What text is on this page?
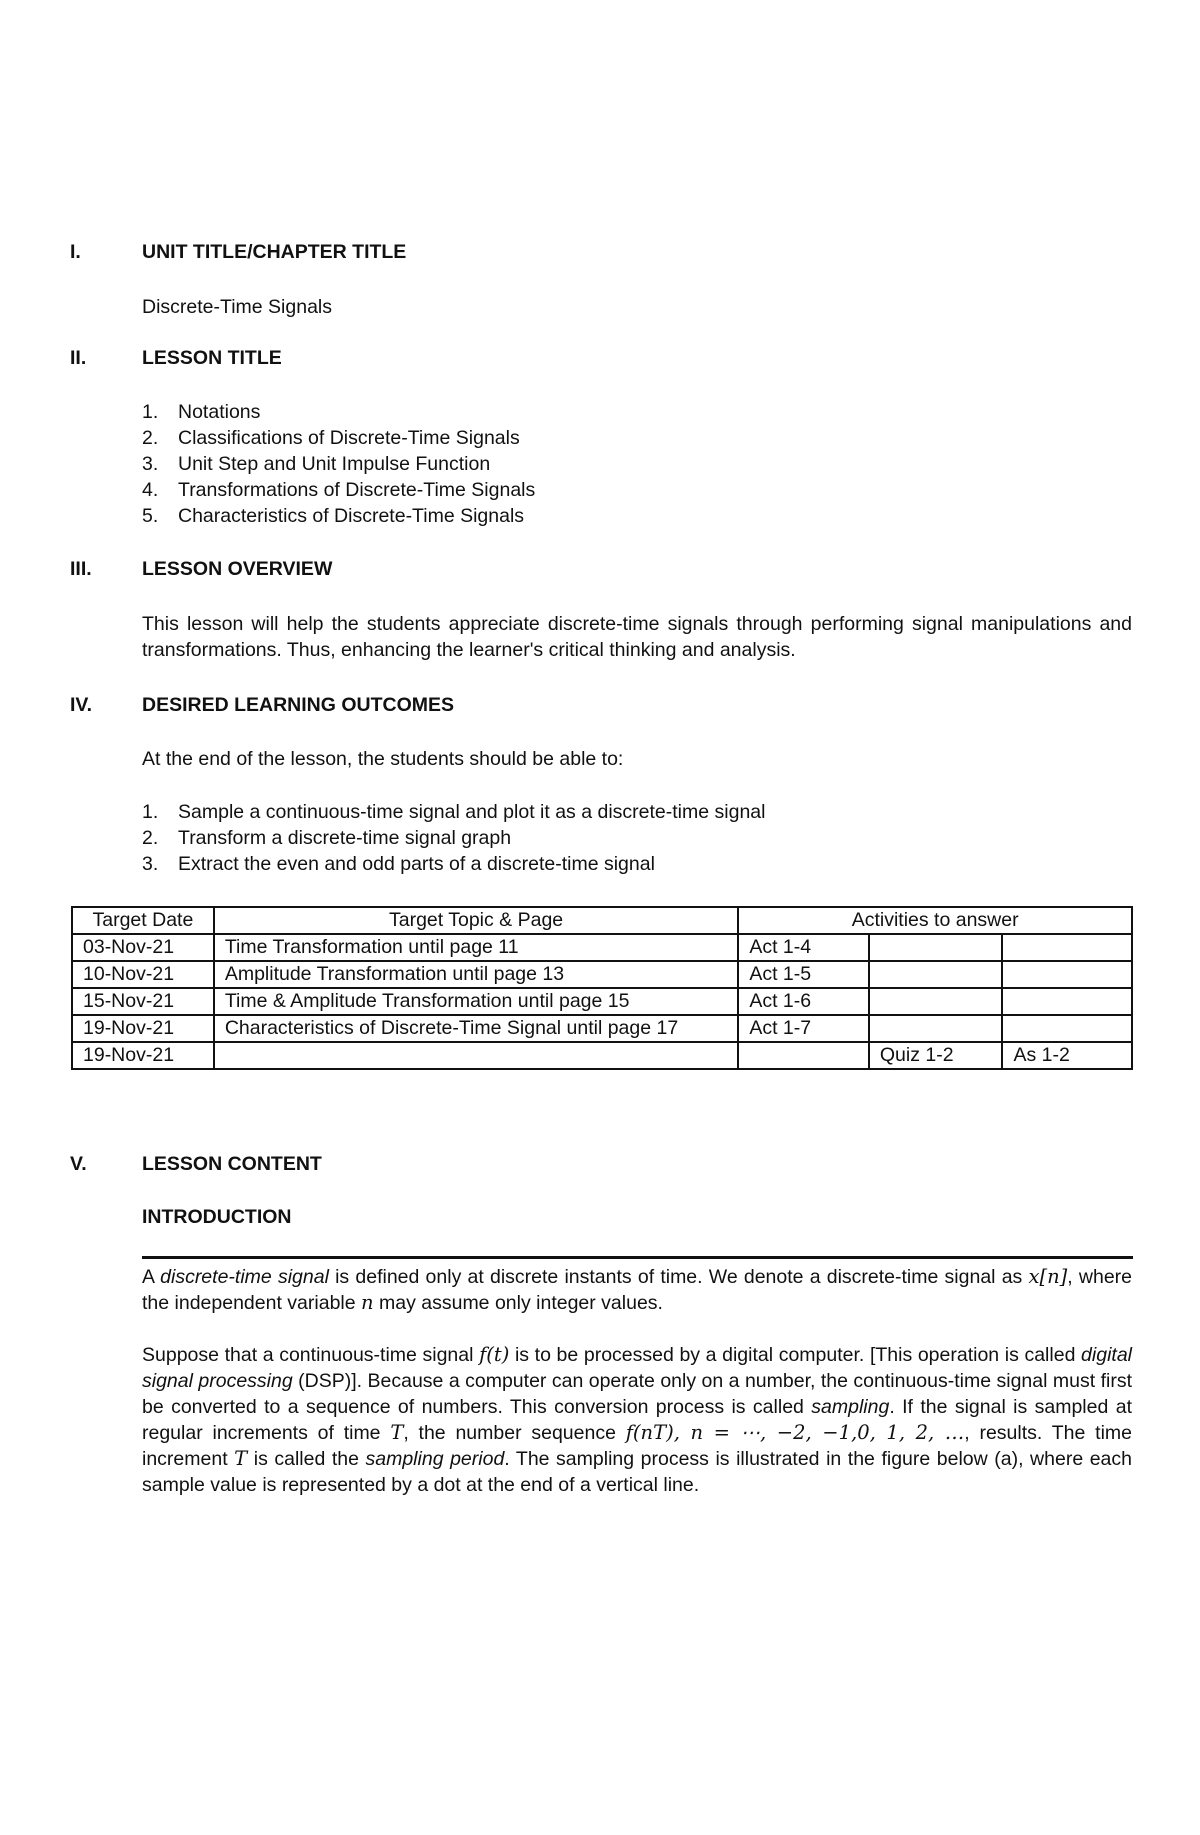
I.	UNIT TITLE/CHAPTER TITLE
Discrete-Time Signals
II.	LESSON TITLE
1. Notations
2. Classifications of Discrete-Time Signals
3. Unit Step and Unit Impulse Function
4. Transformations of Discrete-Time Signals
5. Characteristics of Discrete-Time Signals
III.	LESSON OVERVIEW
This lesson will help the students appreciate discrete-time signals through performing signal manipulations and transformations. Thus, enhancing the learner's critical thinking and analysis.
IV.	DESIRED LEARNING OUTCOMES
At the end of the lesson, the students should be able to:
1. Sample a continuous-time signal and plot it as a discrete-time signal
2. Transform a discrete-time signal graph
3. Extract the even and odd parts of a discrete-time signal
Target Date	Target Topic & Page	Activities to answer		
03-Nov-21	Time Transformation until page 11	Act 1-4		
10-Nov-21	Amplitude Transformation until page 13	Act 1-5		
15-Nov-21	Time & Amplitude Transformation until page 15	Act 1-6		
19-Nov-21	Characteristics of Discrete-Time Signal until page 17	Act 1-7		
19-Nov-21			Quiz 1-2	As 1-2
V.	LESSON CONTENT
INTRODUCTION
A discrete-time signal is defined only at discrete instants of time. We denote a discrete-time signal as x[n], where the independent variable n may assume only integer values.
Suppose that a continuous-time signal f(t) is to be processed by a digital computer. [This operation is called digital signal processing (DSP)]. Because a computer can operate only on a number, the continuous-time signal must first be converted to a sequence of numbers. This conversion process is called sampling. If the signal is sampled at regular increments of time T, the number sequence f(nT), n = ⋯, −2, −1,0, 1, 2, …, results. The time increment T is called the sampling period. The sampling process is illustrated in the figure below (a), where each sample value is represented by a dot at the end of a vertical line.
